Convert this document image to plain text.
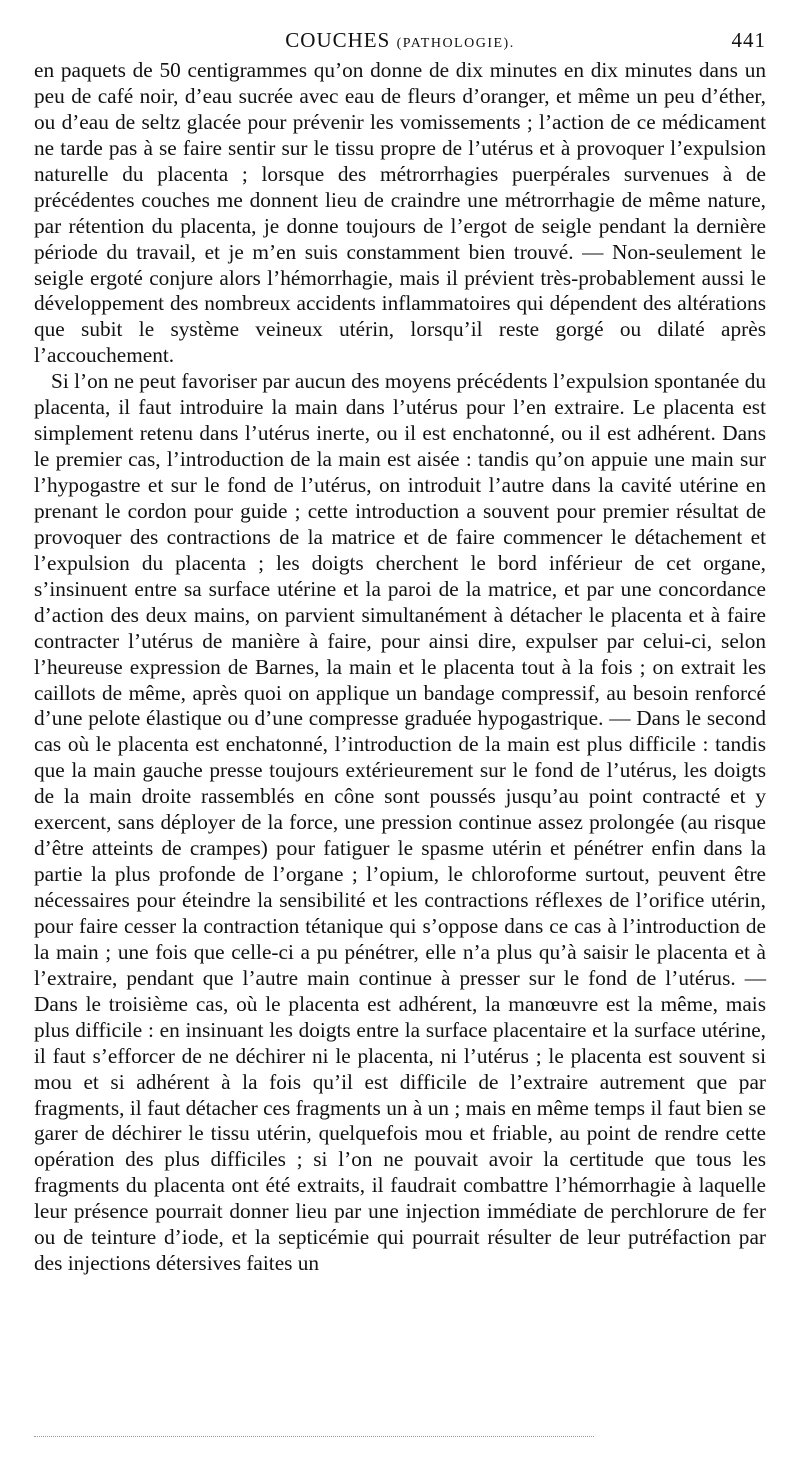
COUCHES (PATHOLOGIE).	441

en paquets de 50 centigrammes qu’on donne de dix minutes en dix minutes dans un peu de café noir, d’eau sucrée avec eau de fleurs d’oranger, et même un peu d’éther, ou d’eau de seltz glacée pour prévenir les vomissements ; l’action de ce médicament ne tarde pas à se faire sentir sur le tissu propre de l’utérus et à provoquer l’expulsion naturelle du placenta ; lorsque des métrorrhagies puerpérales survenues à de précédentes couches me donnent lieu de craindre une métrorrhagie de même nature, par rétention du placenta, je donne toujours de l’ergot de seigle pendant la dernière période du travail, et je m’en suis constamment bien trouvé. — Non-seulement le seigle ergoté conjure alors l’hémorrhagie, mais il prévient très-probablement aussi le développement des nombreux accidents inflammatoires qui dépendent des altérations que subit le système veineux utérin, lorsqu’il reste gorgé ou dilaté après l’accouchement.

Si l’on ne peut favoriser par aucun des moyens précédents l’expulsion spontanée du placenta, il faut introduire la main dans l’utérus pour l’en extraire. Le placenta est simplement retenu dans l’utérus inerte, ou il est enchatonné, ou il est adhérent. Dans le premier cas, l’introduction de la main est aisée : tandis qu’on appuie une main sur l’hypogastre et sur le fond de l’utérus, on introduit l’autre dans la cavité utérine en prenant le cordon pour guide ; cette introduction a souvent pour premier résultat de provoquer des contractions de la matrice et de faire commencer le détachement et l’expulsion du placenta ; les doigts cherchent le bord inférieur de cet organe, s’insinuent entre sa surface utérine et la paroi de la matrice, et par une concordance d’action des deux mains, on parvient simultanément à détacher le placenta et à faire contracter l’utérus de manière à faire, pour ainsi dire, expulser par celui-ci, selon l’heureuse expression de Barnes, la main et le placenta tout à la fois ; on extrait les caillots de même, après quoi on applique un bandage compressif, au besoin renforcé d’une pelote élastique ou d’une compresse graduée hypogastrique. — Dans le second cas où le placenta est enchatonné, l’introduction de la main est plus difficile : tandis que la main gauche presse toujours extérieurement sur le fond de l’utérus, les doigts de la main droite rassemblés en cône sont poussés jusqu’au point contracté et y exercent, sans déployer de la force, une pression continue assez prolongée (au risque d’être atteints de crampes) pour fatiguer le spasme utérin et pénétrer enfin dans la partie la plus profonde de l’organe ; l’opium, le chloroforme surtout, peuvent être nécessaires pour éteindre la sensibilité et les contractions réflexes de l’orifice utérin, pour faire cesser la contraction tétanique qui s’oppose dans ce cas à l’introduction de la main ; une fois que celle-ci a pu pénétrer, elle n’a plus qu’à saisir le placenta et à l’extraire, pendant que l’autre main continue à presser sur le fond de l’utérus. — Dans le troisième cas, où le placenta est adhérent, la manœuvre est la même, mais plus difficile : en insinuant les doigts entre la surface placentaire et la surface utérine, il faut s’efforcer de ne déchirer ni le placenta, ni l’utérus ; le placenta est souvent si mou et si adhérent à la fois qu’il est difficile de l’extraire autrement que par fragments, il faut détacher ces fragments un à un ; mais en même temps il faut bien se garer de déchirer le tissu utérin, quelquefois mou et friable, au point de rendre cette opération des plus difficiles ; si l’on ne pouvait avoir la certitude que tous les fragments du placenta ont été extraits, il faudrait combattre l’hémorrhagie à laquelle leur présence pourrait donner lieu par une injection immédiate de perchlorure de fer ou de teinture d’iode, et la septicémie qui pourrait résulter de leur putréfaction par des injections détersives faites un
